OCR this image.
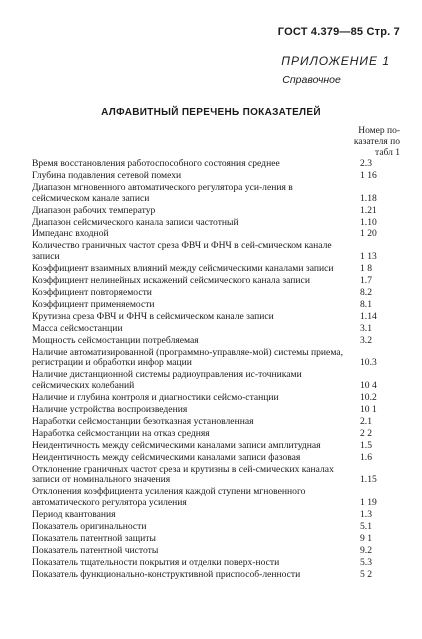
ГОСТ 4.379—85 Стр. 7
ПРИЛОЖЕНИЕ 1
Справочное
АЛФАВИТНЫЙ ПЕРЕЧЕНЬ ПОКАЗАТЕЛЕЙ
Номер по-казателя по табл 1
Время восстановления работоспособного состояния среднее	2.3
Глубина подавления сетевой помехи	1 16
Диапазон мгновенного автоматического регулятора уси-ления в сейсмическом канале записи	1.18
Диапазон рабочих температур	1.21
Диапазон сейсмического канала записи частотный	1.10
Импеданс входной	1 20
Количество граничных частот среза ФВЧ и ФНЧ в сей-смическом канале записи	1 13
Коэффициент взаимных влияний между сейсмическими каналами записи	1 8
Коэффициент нелинейных искажений сейсмического канала записи	1.7
Коэффициент повторяемости	8.2
Коэффициент применяемости	8.1
Крутизна среза ФВЧ и ФНЧ в сейсмическом канале записи	1.14
Масса сейсмостанции	3.1
Мощность сейсмостанции потребляемая	3.2
Наличие автоматизированной (программно-управляе-мой) системы приема, регистрации и обработки инфор мации	10.3
Наличие дистанционной системы радиоуправления ис-точниками сейсмических колебаний	10 4
Наличие и глубина контроля и диагностики сейсмо-станции	10.2
Наличие устройства воспроизведения	10 1
Наработки сейсмостанции безотказная установленная	2.1
Наработка сейсмостанции на отказ средняя	2 2
Неидентичность между сейсмическими каналами записи амплитудная	1.5
Неидентичность между сейсмическими каналами записи фазовая	1.6
Отклонение граничных частот среза и крутизны в сей-смических каналах записи от номинального значения	1.15
Отклонения коэффициента усиления каждой ступени мгновенного автоматического регулятора усиления	1 19
Период квантования	1.3
Показатель оригинальности	5.1
Показатель патентной защиты	9 1
Показатель патентной чистоты	9.2
Показатель тщательности покрытия и отделки поверх-ности	5.3
Показатель функционально-конструктивной приспособ-ленности	5 2
